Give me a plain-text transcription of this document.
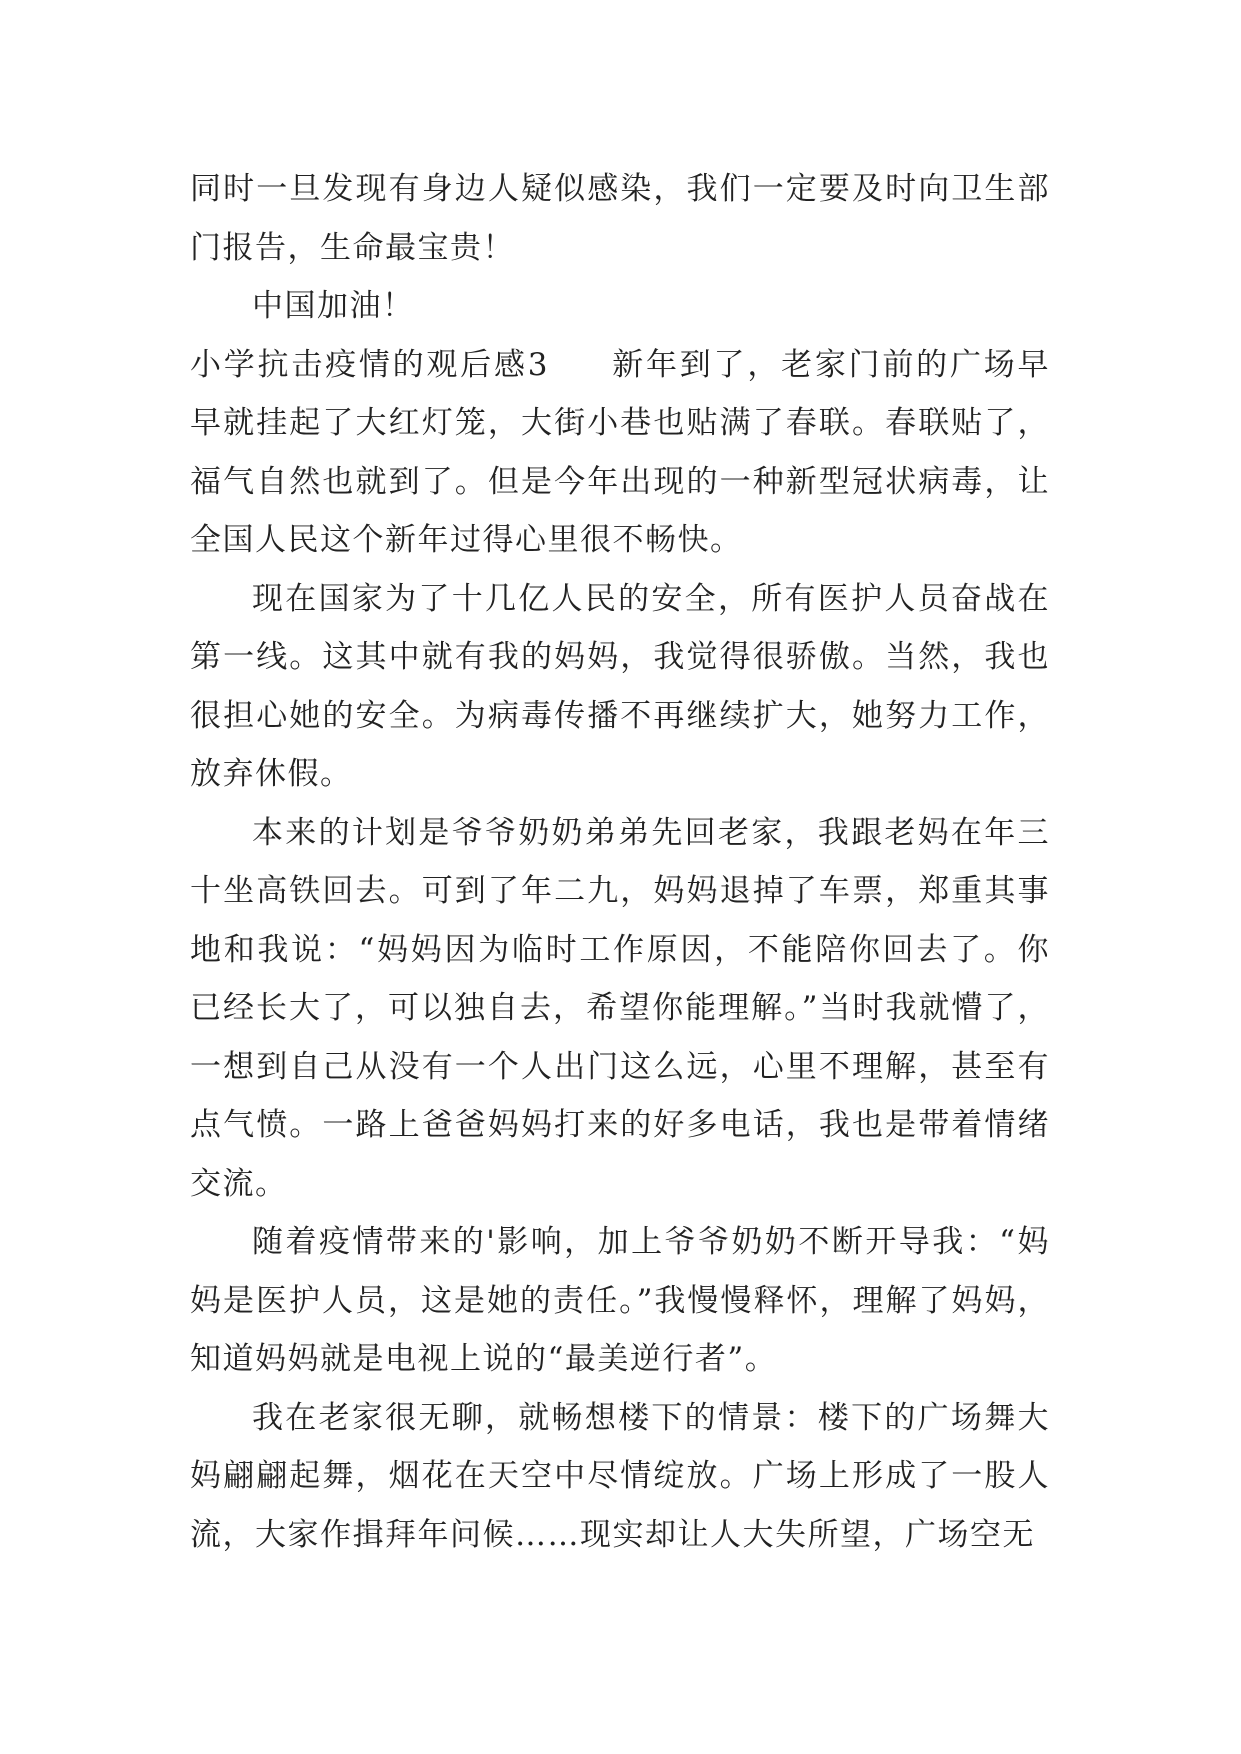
同时一旦发现有身边人疑似感染，我们一定要及时向卫生部门报告，生命最宝贵！

中国加油！

小学抗击疫情的观后感3 新年到了，老家门前的广场早早就挂起了大红灯笼，大街小巷也贴满了春联。春联贴了，福气自然也就到了。但是今年出现的一种新型冠状病毒，让全国人民这个新年过得心里很不畅快。

现在国家为了十几亿人民的安全，所有医护人员奋战在第一线。这其中就有我的妈妈，我觉得很骄傲。当然，我也很担心她的安全。为病毒传播不再继续扩大，她努力工作，放弃休假。

本来的计划是爷爷奶奶弟弟先回老家，我跟老妈在年三十坐高铁回去。可到了年二九，妈妈退掉了车票，郑重其事地和我说：“妈妈因为临时工作原因，不能陪你回去了。你已经长大了，可以独自去，希望你能理解。”当时我就懵了，一想到自己从没有一个人出门这么远，心里不理解，甚至有点气愤。一路上爸爸妈妈打来的好多电话，我也是带着情绪交流。

随着疫情带来的'影响，加上爷爷奶奶不断开导我：“妈妈是医护人员，这是她的责任。”我慢慢释怀，理解了妈妈，知道妈妈就是电视上说的“最美逆行者”。

我在老家很无聊，就畅想楼下的情景：楼下的广场舞大妈翩翩起舞，烟花在天空中尽情绽放。广场上形成了一股人流，大家作揖拜年问候……现实却让人大失所望，广场空无
